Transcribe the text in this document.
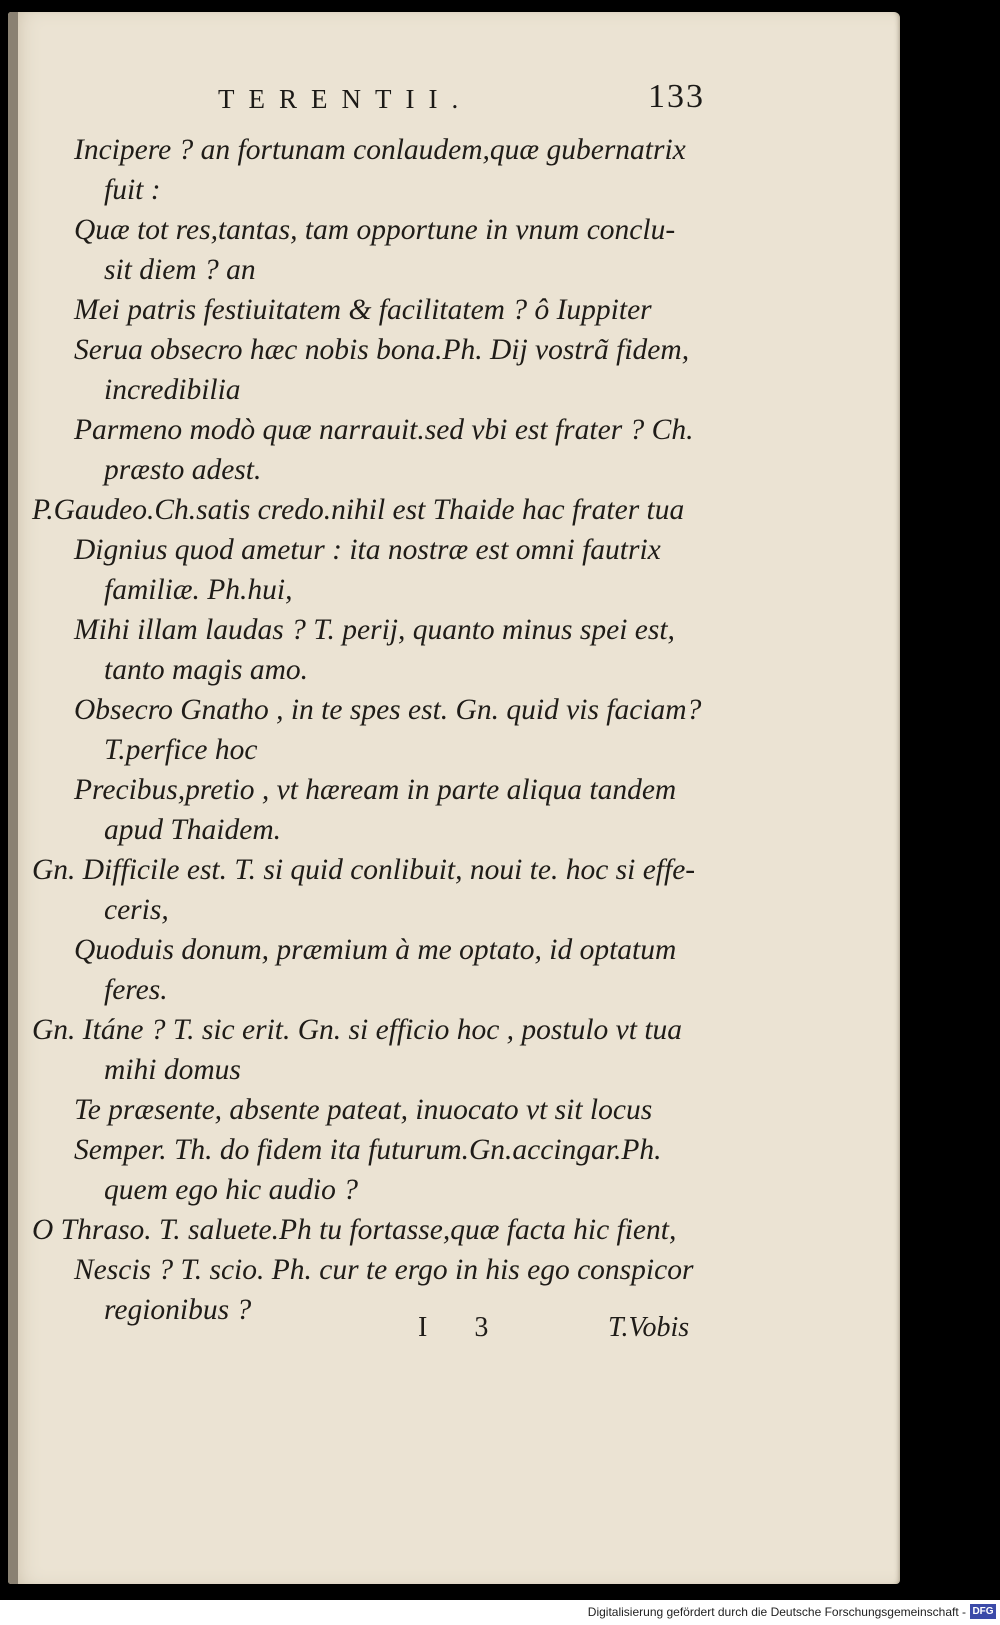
TERENTII.	133
Incipere ? an fortunam conlaudem,quæ gubernatrix
fuit :
Quæ tot res,tantas, tam opportune in vnum conclu-
sit diem ? an
Mei patris festiuitatem & facilitatem ? ô Iuppiter
Serua obsecro hæc nobis bona.Ph. Dij vostrã fidem,
incredibilia
Parmeno modò quæ narrauit.sed vbi est frater ? Ch.
præsto adest.
P.Gaudeo.Ch.satis credo.nihil est Thaide hac frater tua
Dignius quod ametur : ita nostræ est omni fautrix
familiæ. Ph.hui,
Mihi illam laudas ? T. perij, quanto minus spei est,
tanto magis amo.
Obsecro Gnatho , in te spes est. Gn. quid vis faciam?
T.perfice hoc
Precibus,pretio , vt hæream in parte aliqua tandem
apud Thaidem.
Gn. Difficile est. T. si quid conlibuit, noui te. hoc si effe-
ceris,
Quoduis donum, præmium à me optato, id optatum
feres.
Gn. Itáne ? T. sic erit. Gn. si efficio hoc , postulo vt tua
mihi domus
Te præsente, absente pateat, inuocato vt sit locus
Semper. Th. do fidem ita futurum.Gn.accingar.Ph.
quem ego hic audio ?
O Thraso. T. saluete.Ph tu fortasse,quæ facta hic fient,
Nescis ? T. scio. Ph. cur te ergo in his ego conspicor
regionibus ?
I 3	T.Vobis
Digitalisierung gefördert durch die Deutsche Forschungsgemeinschaft - DFG
